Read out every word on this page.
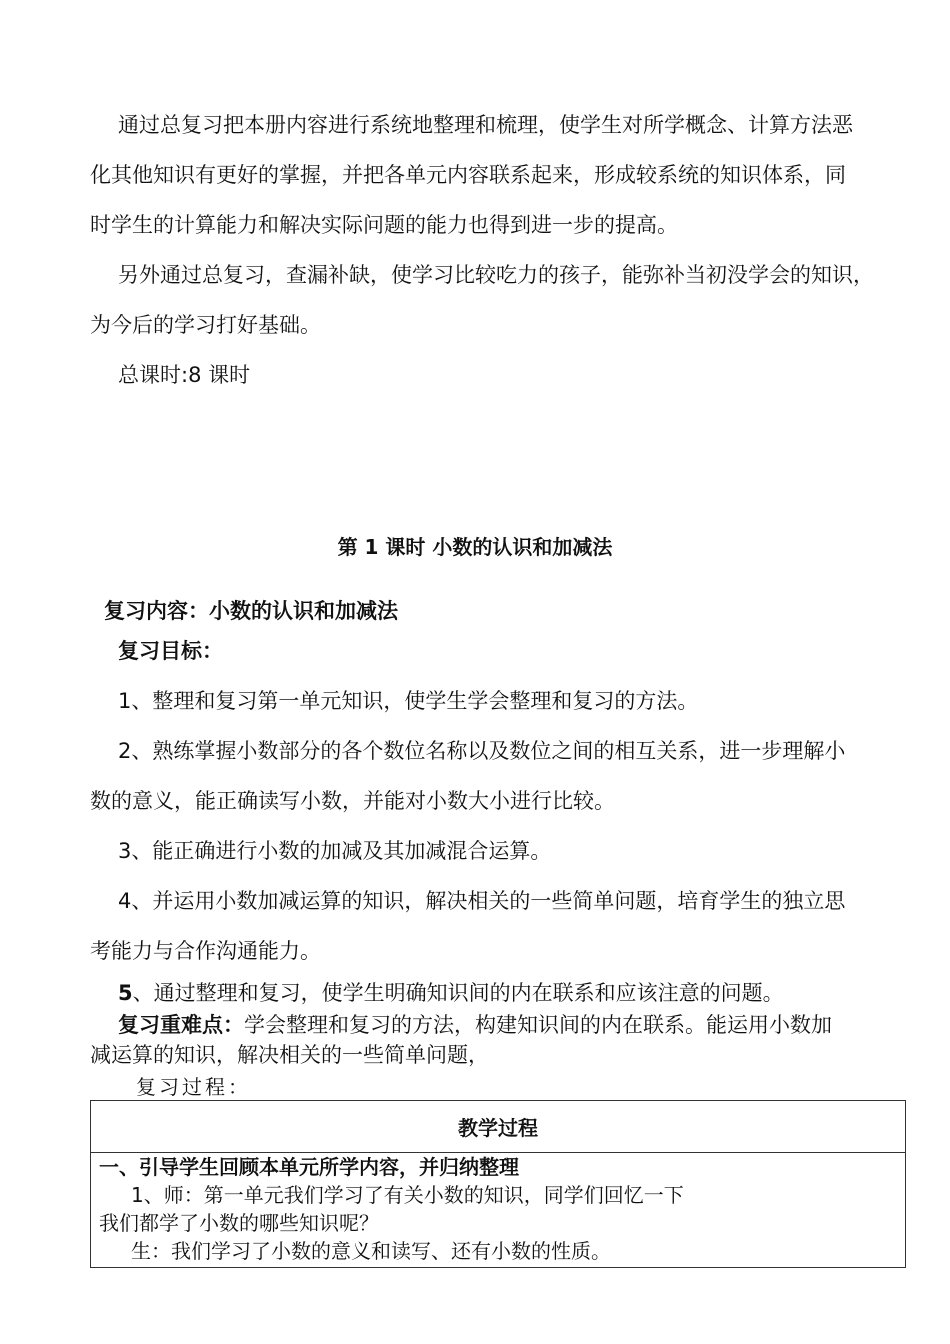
通过总复习把本册内容进行系统地整理和梳理，使学生对所学概念、计算方法恶
化其他知识有更好的掌握，并把各单元内容联系起来，形成较系统的知识体系，同
时学生的计算能力和解决实际问题的能力也得到进一步的提高。
另外通过总复习，查漏补缺，使学习比较吃力的孩子，能弥补当初没学会的知识，
为今后的学习打好基础。
总课时:8 课时
第 1 课时 小数的认识和加减法
复习内容：小数的认识和加减法
复习目标：
1、整理和复习第一单元知识，使学生学会整理和复习的方法。
2、熟练掌握小数部分的各个数位名称以及数位之间的相互关系，进一步理解小
数的意义，能正确读写小数，并能对小数大小进行比较。
3、能正确进行小数的加减及其加减混合运算。
4、并运用小数加减运算的知识，解决相关的一些简单问题，培育学生的独立思
考能力与合作沟通能力。
5、通过整理和复习，使学生明确知识间的内在联系和应该注意的问题。
复习重难点：学会整理和复习的方法，构建知识间的内在联系。能运用小数加
减运算的知识，解决相关的一些简单问题，
复习过程：
教学过程
一、引导学生回顾本单元所学内容，并归纳整理
1、师：第一单元我们学习了有关小数的知识，同学们回忆一下
我们都学了小数的哪些知识呢？
生：我们学习了小数的意义和读写、还有小数的性质。
